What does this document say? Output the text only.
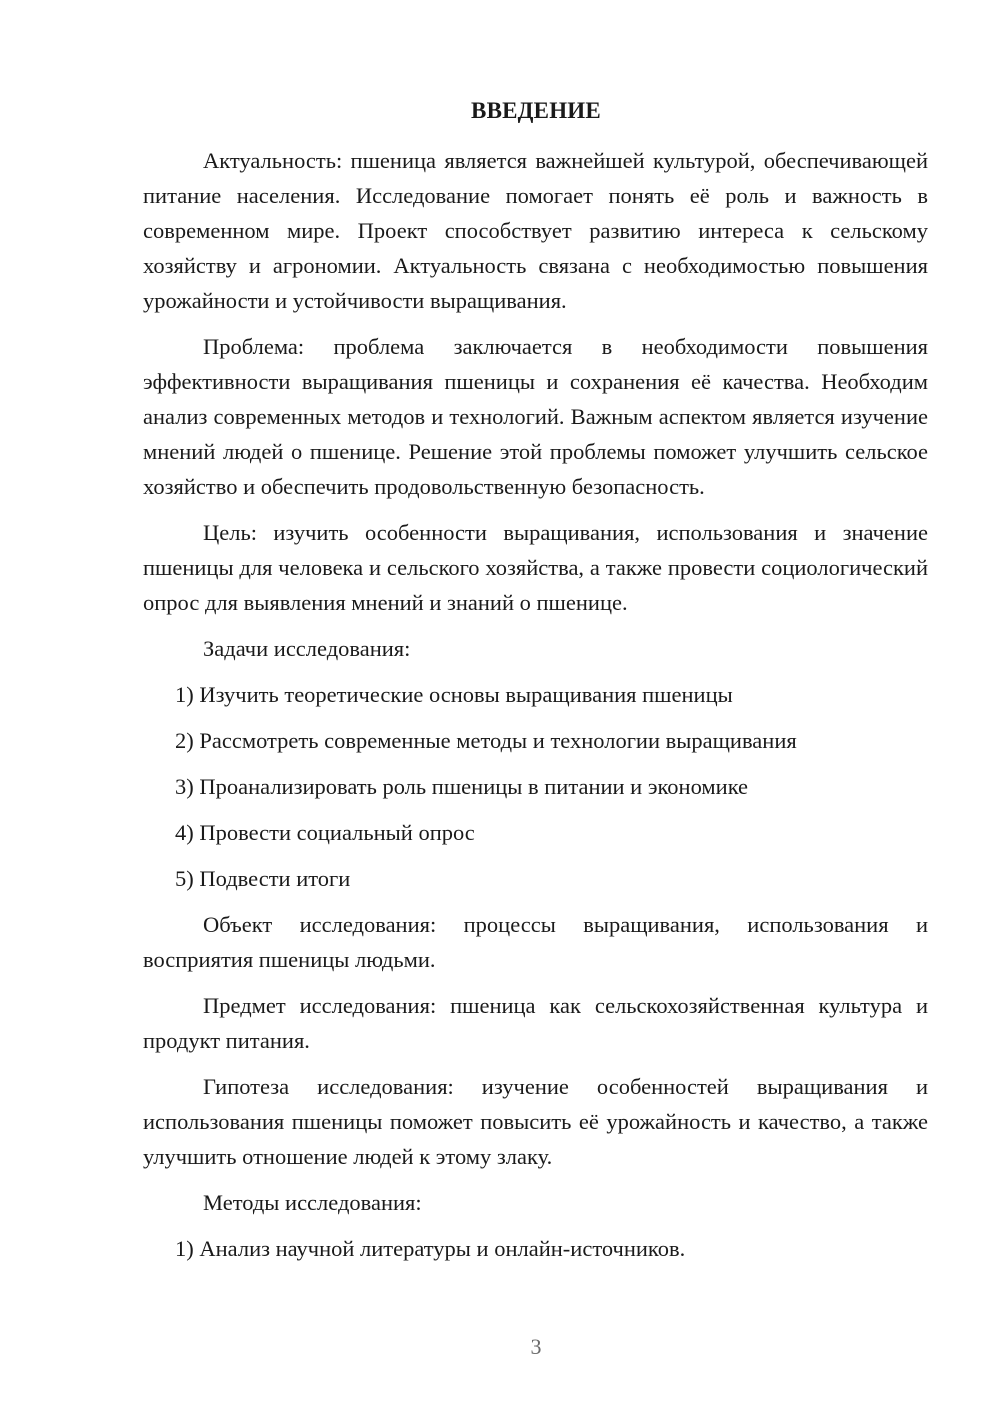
ВВЕДЕНИЕ

Актуальность: пшеница является важнейшей культурой, обеспечивающей питание населения. Исследование помогает понять её роль и важность в современном мире. Проект способствует развитию интереса к сельскому хозяйству и агрономии. Актуальность связана с необходимостью повышения урожайности и устойчивости выращивания.

Проблема: проблема заключается в необходимости повышения эффективности выращивания пшеницы и сохранения её качества. Необходим анализ современных методов и технологий. Важным аспектом является изучение мнений людей о пшенице. Решение этой проблемы поможет улучшить сельское хозяйство и обеспечить продовольственную безопасность.

Цель: изучить особенности выращивания, использования и значение пшеницы для человека и сельского хозяйства, а также провести социологический опрос для выявления мнений и знаний о пшенице.

Задачи исследования:

1) Изучить теоретические основы выращивания пшеницы
2) Рассмотреть современные методы и технологии выращивания
3) Проанализировать роль пшеницы в питании и экономике
4) Провести социальный опрос
5) Подвести итоги

Объект исследования: процессы выращивания, использования и восприятия пшеницы людьми.

Предмет исследования: пшеница как сельскохозяйственная культура и продукт питания.

Гипотеза исследования: изучение особенностей выращивания и использования пшеницы поможет повысить её урожайность и качество, а также улучшить отношение людей к этому злаку.

Методы исследования:

1) Анализ научной литературы и онлайн-источников.
3
